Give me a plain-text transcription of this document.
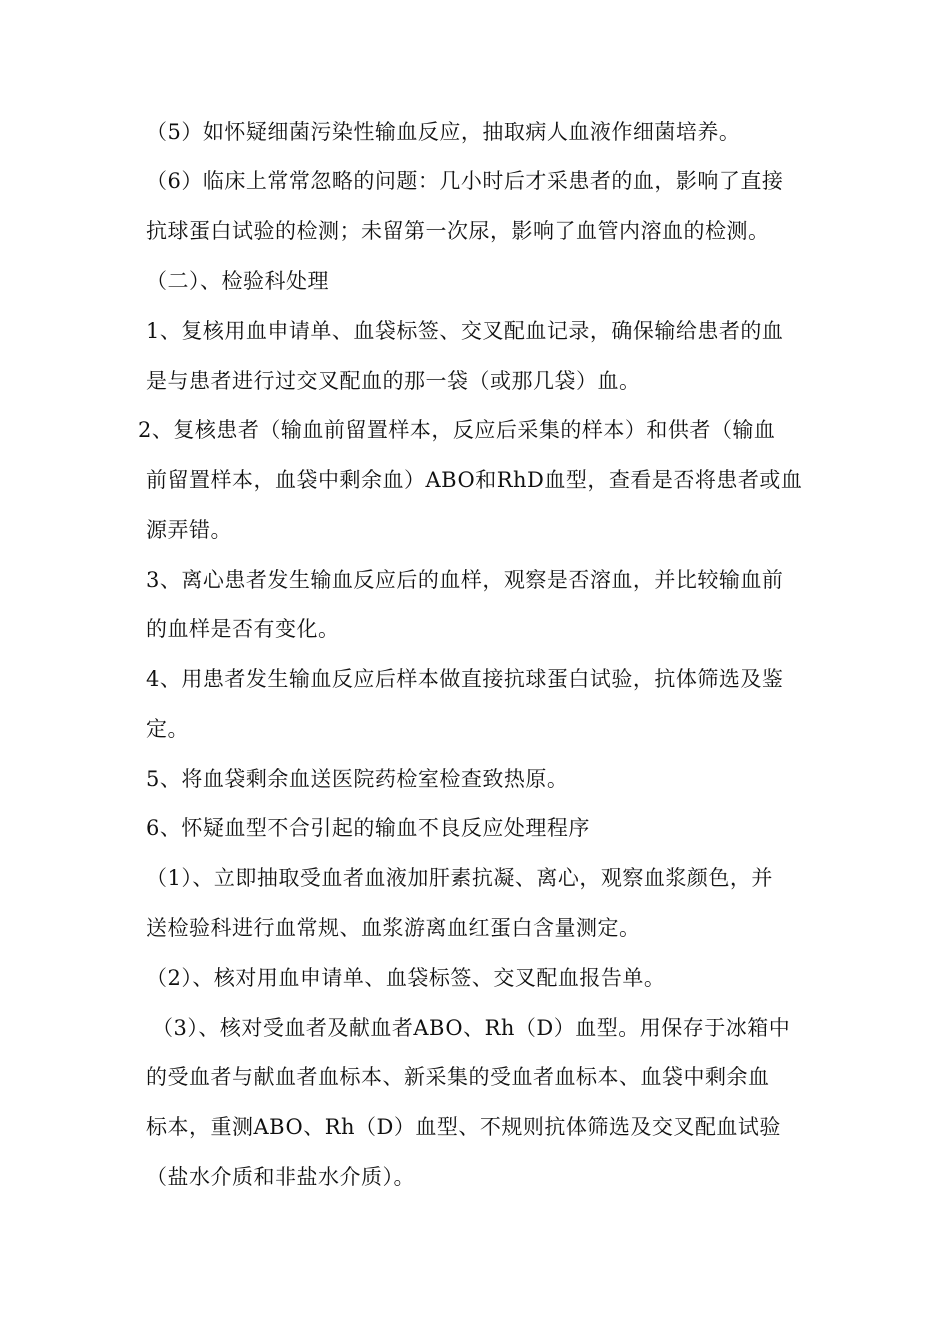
（5）如怀疑细菌污染性输血反应，抽取病人血液作细菌培养。
（6）临床上常常忽略的问题：几小时后才采患者的血，影响了直接
抗球蛋白试验的检测；未留第一次尿，影响了血管内溶血的检测。
（二）、检验科处理
1、复核用血申请单、血袋标签、交叉配血记录，确保输给患者的血
是与患者进行过交叉配血的那一袋（或那几袋）血。
2、复核患者（输血前留置样本，反应后采集的样本）和供者（输血
前留置样本，血袋中剩余血）ABO和RhD血型，查看是否将患者或血
源弄错。
3、离心患者发生输血反应后的血样，观察是否溶血，并比较输血前
的血样是否有变化。
4、用患者发生输血反应后样本做直接抗球蛋白试验，抗体筛选及鉴
定。
5、将血袋剩余血送医院药检室检查致热原。
6、怀疑血型不合引起的输血不良反应处理程序
（1）、立即抽取受血者血液加肝素抗凝、离心，观察血浆颜色，并
送检验科进行血常规、血浆游离血红蛋白含量测定。
（2）、核对用血申请单、血袋标签、交叉配血报告单。
（3）、核对受血者及献血者ABO、Rh（D）血型。用保存于冰箱中
的受血者与献血者血标本、新采集的受血者血标本、血袋中剩余血
标本，重测ABO、Rh（D）血型、不规则抗体筛选及交叉配血试验
（盐水介质和非盐水介质）。
